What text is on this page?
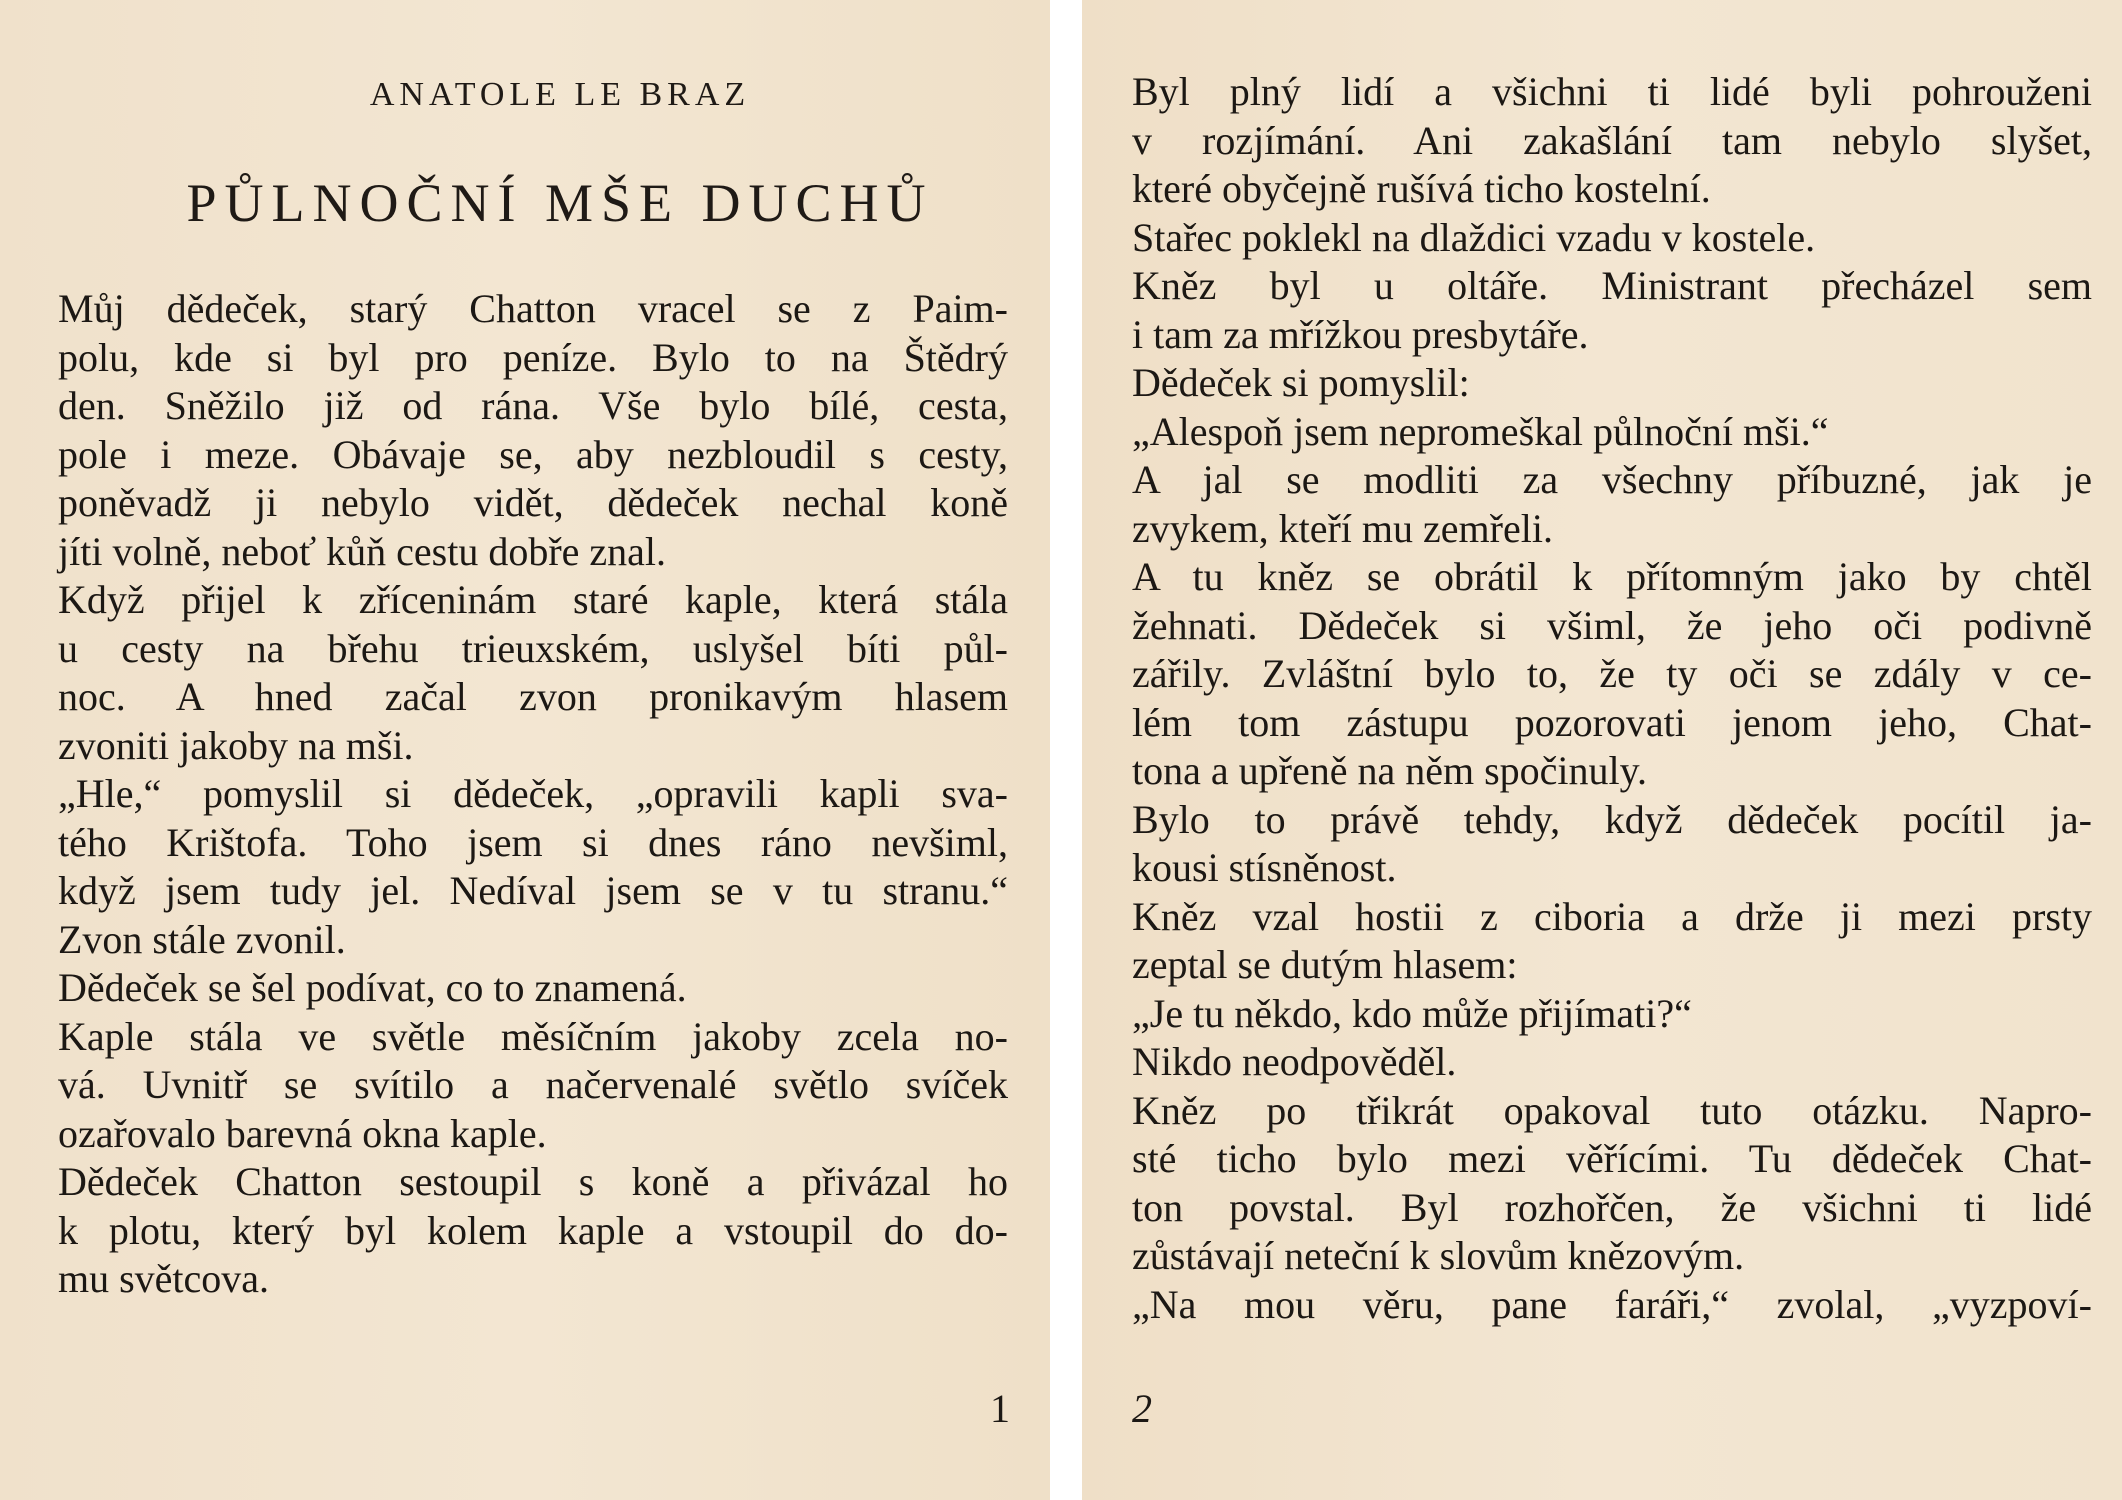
ANATOLE LE BRAZ
PŮLNOČNÍ MŠE DUCHŮ
Můj dědeček, starý Chatton vracel se z Paim-
polu, kde si byl pro peníze. Bylo to na Štědrý
den. Sněžilo již od rána. Vše bylo bílé, cesta,
pole i meze. Obávaje se, aby nezbloudil s cesty,
poněvadž ji nebylo vidět, dědeček nechal koně
jíti volně, neboť kůň cestu dobře znal.
Když přijel k zříceninám staré kaple, která stála
u cesty na břehu trieuxském, uslyšel bíti půl-
noc. A hned začal zvon pronikavým hlasem
zvoniti jakoby na mši.
„Hle,“ pomyslil si dědeček, „opravili kapli sva-
tého Krištofa. Toho jsem si dnes ráno nevšiml,
když jsem tudy jel. Nedíval jsem se v tu stranu.“
Zvon stále zvonil.
Dědeček se šel podívat, co to znamená.
Kaple stála ve světle měsíčním jakoby zcela no-
vá. Uvnitř se svítilo a načervenalé světlo svíček
ozařovalo barevná okna kaple.
Dědeček Chatton sestoupil s koně a přivázal ho
k plotu, který byl kolem kaple a vstoupil do do-
mu světcova.
1
Byl plný lidí a všichni ti lidé byli pohrouženi
v rozjímání. Ani zakašlání tam nebylo slyšet,
které obyčejně rušívá ticho kostelní.
Stařec poklekl na dlaždici vzadu v kostele.
Kněz byl u oltáře. Ministrant přecházel sem
i tam za mřížkou presbytáře.
Dědeček si pomyslil:
„Alespoň jsem nepromeškal půlnoční mši.“
A jal se modliti za všechny příbuzné, jak je
zvykem, kteří mu zemřeli.
A tu kněz se obrátil k přítomným jako by chtěl
žehnati. Dědeček si všiml, že jeho oči podivně
zářily. Zvláštní bylo to, že ty oči se zdály v ce-
lém tom zástupu pozorovati jenom jeho, Chat-
tona a upřeně na něm spočinuly.
Bylo to právě tehdy, když dědeček pocítil ja-
kousi stísněnost.
Kněz vzal hostii z ciboria a drže ji mezi prsty
zeptal se dutým hlasem:
„Je tu někdo, kdo může přijímati?“
Nikdo neodpověděl.
Kněz po třikrát opakoval tuto otázku. Napro-
sté ticho bylo mezi věřícími. Tu dědeček Chat-
ton povstal. Byl rozhořčen, že všichni ti lidé
zůstávají neteční k slovům knězovým.
„Na mou věru, pane faráři,“ zvolal, „vyzpoví-
2
